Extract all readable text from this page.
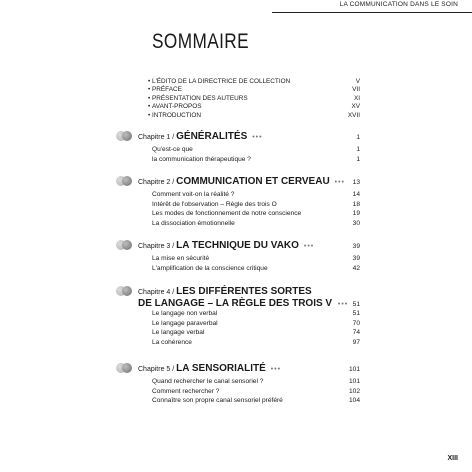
LA COMMUNICATION DANS LE SOIN
SOMMAIRE
• L'ÉDITO DE LA DIRECTRICE DE COLLECTION	V
• PRÉFACE	VII
• PRÉSENTATION DES AUTEURS	XI
• AVANT-PROPOS	XV
• INTRODUCTION	XVII
Chapitre 1 / GÉNÉRALITÉS •••	1
Qu'est-ce que	1
la communication thérapeutique ?	1
Chapitre 2 / COMMUNICATION ET CERVEAU ••• 13
Comment voit-on la réalité ?	14
Intérêt de l'observation – Règle des trois O	18
Les modes de fonctionnement de notre conscience	19
La dissociation émotionnelle	30
Chapitre 3 / LA TECHNIQUE DU VAKO •••	39
La mise en sécurité	39
L'amplification de la conscience critique	42
Chapitre 4 / LES DIFFÉRENTES SORTES
DE LANGAGE – LA RÈGLE DES TROIS V ••• 51
Le langage non verbal	51
Le langage paraverbal	70
Le langage verbal	74
La cohérence	97
Chapitre 5 / LA SENSORIALITÉ •••	101
Quand rechercher le canal sensoriel ?	101
Comment rechercher ?	102
Connaître son propre canal sensoriel préféré	104
XIII
